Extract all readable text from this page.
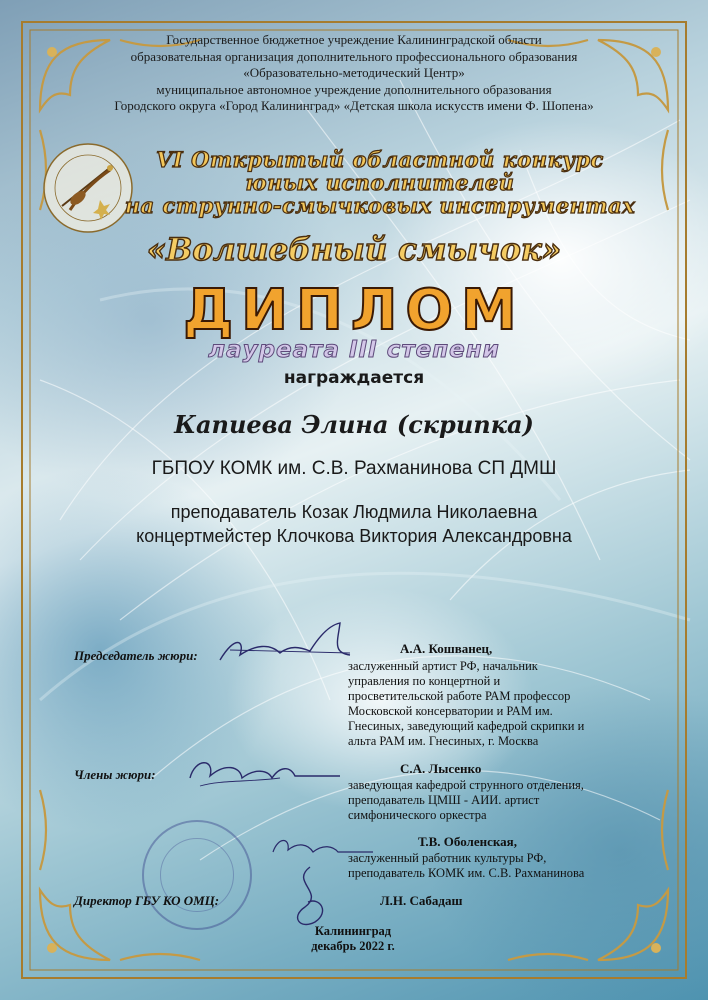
Государственное бюджетное учреждение Калининградской области
образовательная организация дополнительного профессионального образования
«Образовательно-методический Центр»
муниципальное автономное учреждение дополнительного образования
Городского округа «Город Калининград» «Детская школа искусств имени Ф. Шопена»
VI Открытый областной конкурс
юных исполнителей
на струнно-смычковых инструментах
«Волшебный смычок»
ДИПЛОМ
лауреата III степени
награждается
Капиева Элина (скрипка)
ГБПОУ КОМК им. С.В. Рахманинова СП ДМШ
преподаватель Козак Людмила Николаевна
концертмейстер Клочкова Виктория Александровна
Председатель жюри:	А.А. Кошванец,
заслуженный артист РФ, начальник
управления по концертной и
просветительской работе РАМ профессор
Московской консерватории и РАМ им.
Гнесиных, заведующий кафедрой скрипки и
альта РАМ им. Гнесиных, г. Москва
Члены жюри:	С.А. Лысенко
заведующая кафедрой струнного отделения,
преподаватель ЦМШ - АИИ. артист
симфонического оркестра
Т.В. Оболенская,
заслуженный работник культуры РФ,
преподаватель КОМК им. С.В. Рахманинова
Директор ГБУ КО ОМЦ:	Л.Н. Сабадаш
Калининград
декабрь 2022 г.
